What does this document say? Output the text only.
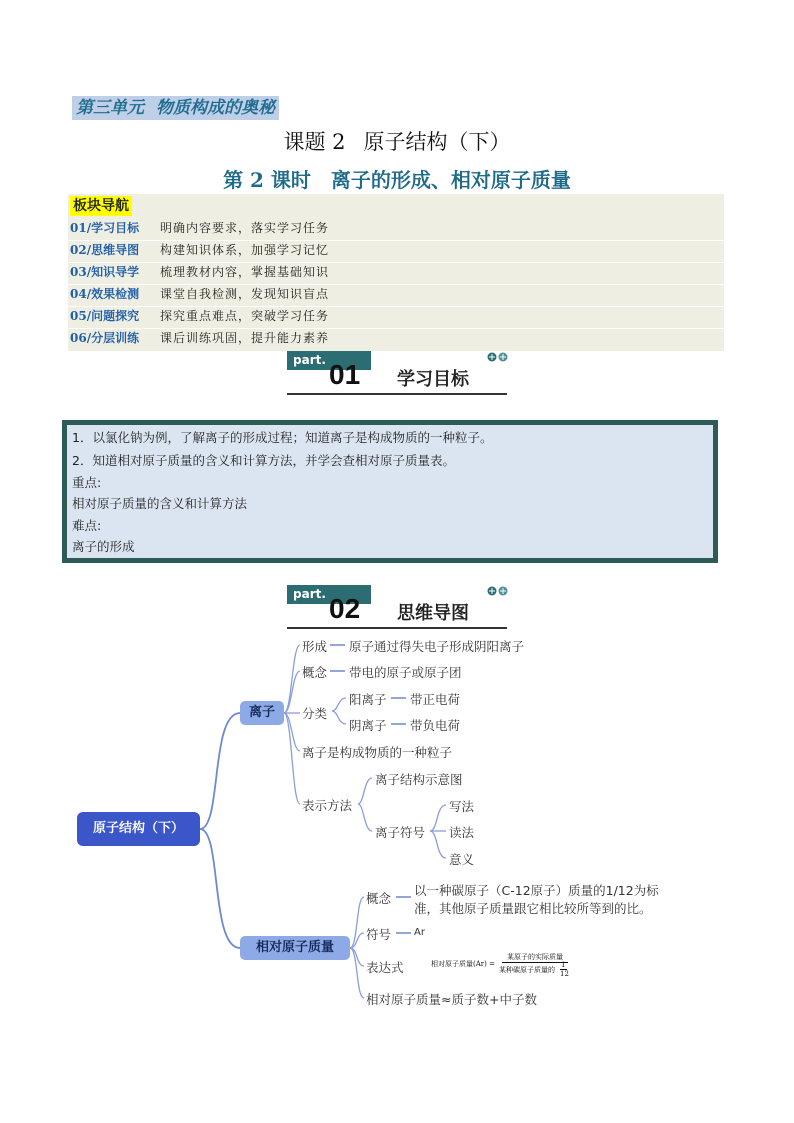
第三单元 物质构成的奥秘
课题 2 原子结构（下）
第 2 课时 离子的形成、相对原子质量
板块导航
01/学习目标 明确内容要求，落实学习任务
02/思维导图 构建知识体系，加强学习记忆
03/知识导学 梳理教材内容，掌握基础知识
04/效果检测 课堂自我检测，发现知识盲点
05/问题探究 探究重点难点，突破学习任务
06/分层训练 课后训练巩固，提升能力素养
part. 01 学习目标
1．以氯化钠为例，了解离子的形成过程；知道离子是构成物质的一种粒子。
2．知道相对原子质量的含义和计算方法，并学会查相对原子质量表。
重点:
相对原子质量的含义和计算方法
难点:
离子的形成
part. 02 思维导图
原子结构（下）
离子
相对原子质量
形成 原子通过得失电子形成阴阳离子
概念 带电的原子或原子团
分类
阳离子 带正电荷
阴离子 带负电荷
离子是构成物质的一种粒子
表示方法
离子结构示意图
离子符号
写法
读法
意义
概念
以一种碳原子（C-12原子）质量的1/12为标
准，其他原子质量跟它相比较所等到的比。
符号 Ar
表达式	相对原子质量(Ar) =
某原子的实际质量
某种碳原子质量的
1
12
相对原子质量≈质子数+中子数
